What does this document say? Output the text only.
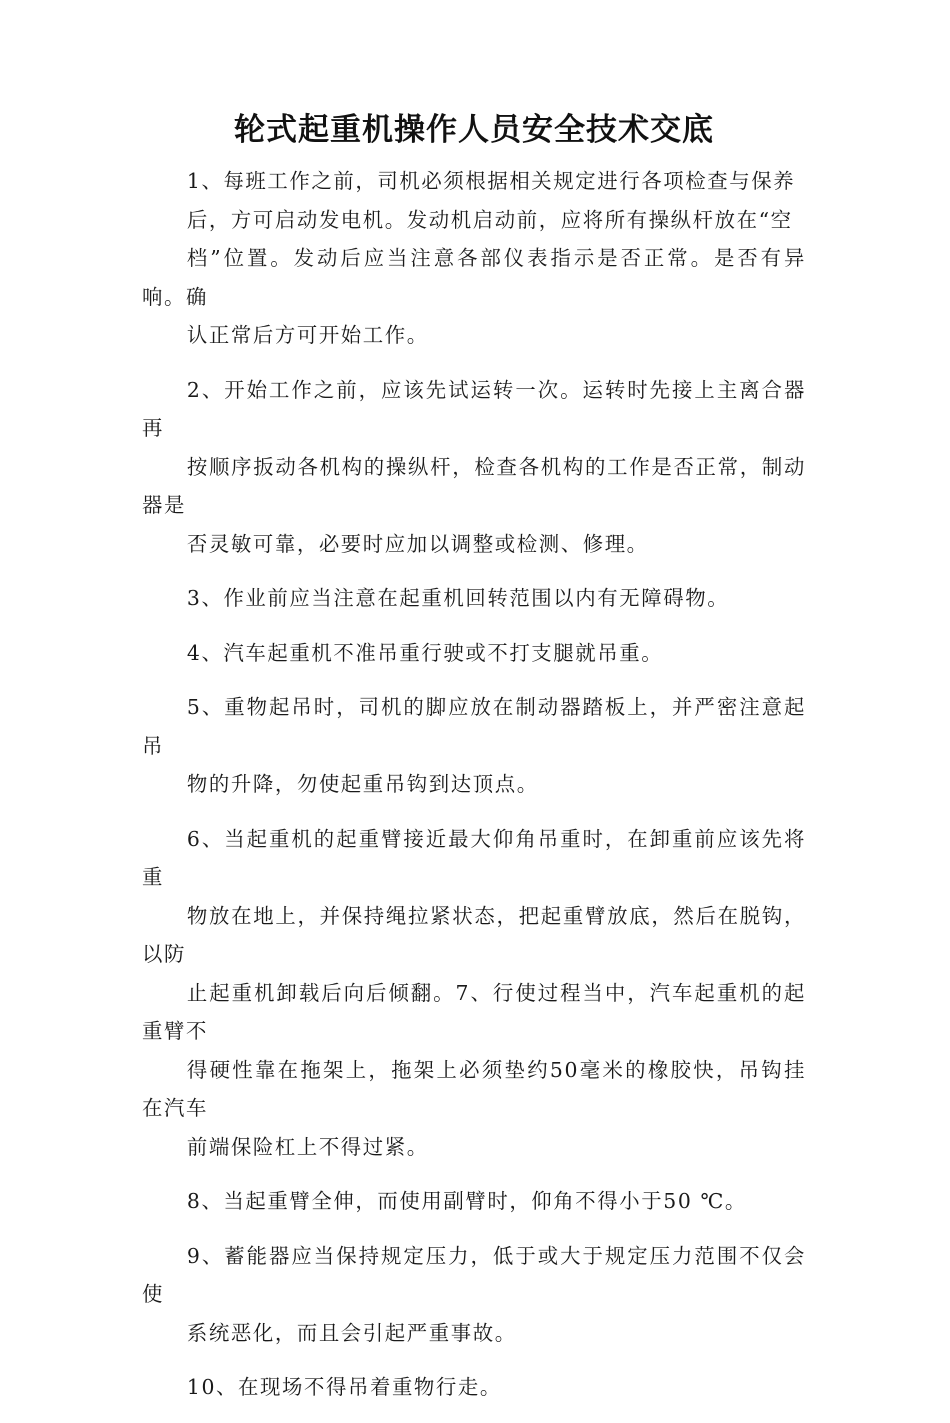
轮式起重机操作人员安全技术交底

1、每班工作之前，司机必须根据相关规定进行各项检查与保养
后，方可启动发电机。发动机启动前，应将所有操纵杆放在“空
档”位置。发动后应当注意各部仪表指示是否正常。是否有异响。确
认正常后方可开始工作。

2、开始工作之前，应该先试运转一次。运转时先接上主离合器再
按顺序扳动各机构的操纵杆，检查各机构的工作是否正常，制动器是
否灵敏可靠，必要时应加以调整或检测、修理。

3、作业前应当注意在起重机回转范围以内有无障碍物。

4、汽车起重机不准吊重行驶或不打支腿就吊重。

5、重物起吊时，司机的脚应放在制动器踏板上，并严密注意起吊
物的升降，勿使起重吊钩到达顶点。

6、当起重机的起重臂接近最大仰角吊重时，在卸重前应该先将重
物放在地上，并保持绳拉紧状态，把起重臂放底，然后在脱钩，以防
止起重机卸载后向后倾翻。7、行使过程当中，汽车起重机的起重臂不
得硬性靠在拖架上，拖架上必须垫约50毫米的橡胶快，吊钩挂在汽车
前端保险杠上不得过紧。

8、当起重臂全伸，而使用副臂时，仰角不得小于50 ℃。

9、蓄能器应当保持规定压力，低于或大于规定压力范围不仅会使
系统恶化，而且会引起严重事故。

10、在现场不得吊着重物行走。
